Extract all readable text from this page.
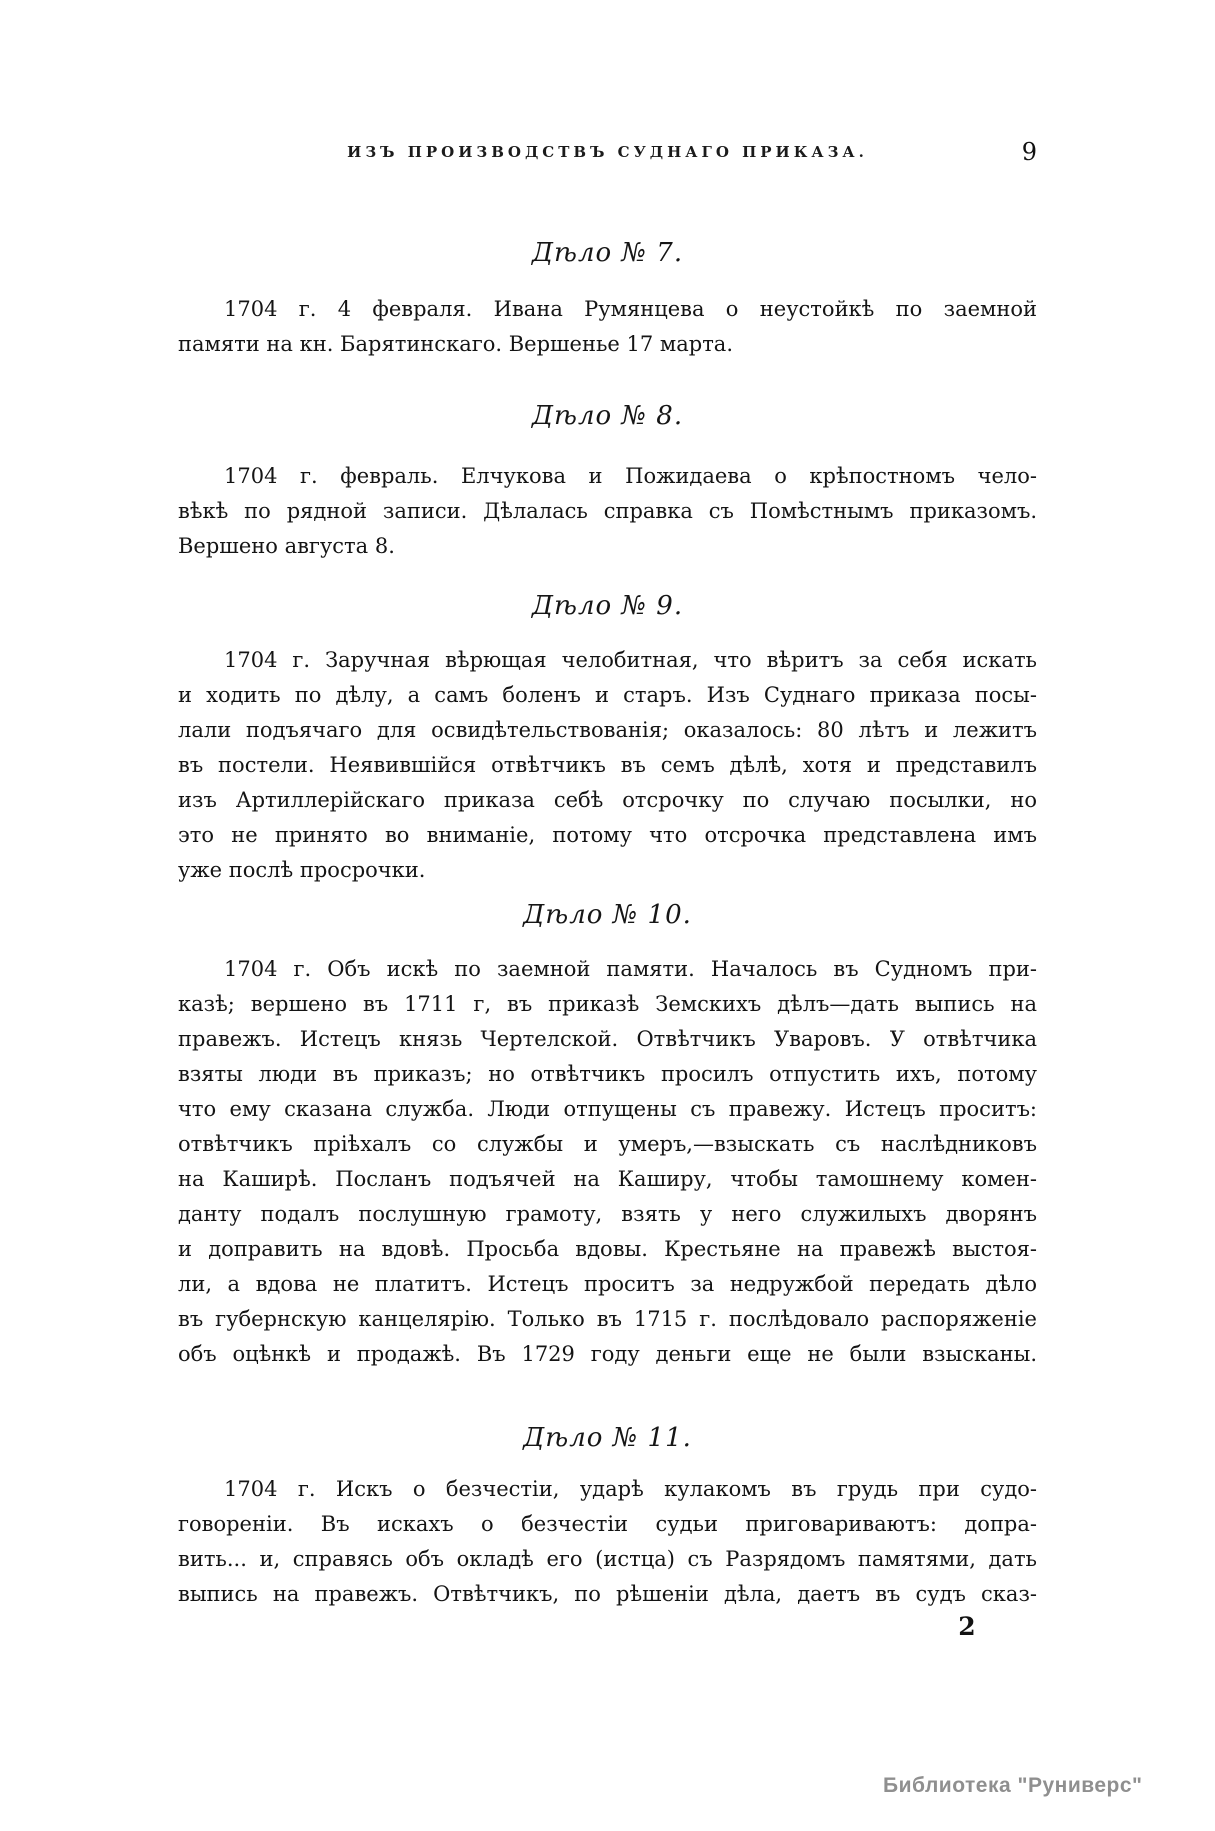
ИЗЪ ПРОИЗВОДСТВЪ СУДНАГО ПРИКАЗА.	9
Дѣло № 7.
1704 г. 4 февраля. Ивана Румянцева о неустойкѣ по заемной
памяти на кн. Барятинскаго. Вершенье 17 марта.
Дѣло № 8.
1704 г. февраль. Елчукова и Пожидаева о крѣпостномъ чело-
вѣкѣ по рядной записи. Дѣлалась справка съ Помѣстнымъ приказомъ.
Вершено августа 8.
Дѣло № 9.
1704 г. Заручная вѣрющая челобитная, что вѣритъ за себя искать
и ходить по дѣлу, а самъ боленъ и старъ. Изъ Суднаго приказа посы-
лали подъячаго для освидѣтельствованія; оказалось: 80 лѣтъ и лежитъ
въ постели. Неявившійся отвѣтчикъ въ семъ дѣлѣ, хотя и представилъ
изъ Артиллерійскаго приказа себѣ отсрочку по случаю посылки, но
это не принято во вниманіе, потому что отсрочка представлена имъ
уже послѣ просрочки.
Дѣло № 10.
1704 г. Объ искѣ по заемной памяти. Началось въ Судномъ при-
казѣ; вершено въ 1711 г, въ приказѣ Земскихъ дѣлъ—дать выпись на
правежъ. Истецъ князь Чертелской. Отвѣтчикъ Уваровъ. У отвѣтчика
взяты люди въ приказъ; но отвѣтчикъ просилъ отпустить ихъ, потому
что ему сказана служба. Люди отпущены съ правежу. Истецъ проситъ:
отвѣтчикъ пріѣхалъ со службы и умеръ,—взыскать съ наслѣдниковъ
на Каширѣ. Посланъ подъячей на Каширу, чтобы тамошнему комен-
данту подалъ послушную грамоту, взять у него служилыхъ дворянъ
и доправить на вдовѣ. Просьба вдовы. Крестьяне на правежѣ выстоя-
ли, а вдова не платитъ. Истецъ проситъ за недружбой передать дѣло
въ губернскую канцелярію. Только въ 1715 г. послѣдовало распоряженіе
объ оцѣнкѣ и продажѣ. Въ 1729 году деньги еще не были взысканы.
Дѣло № 11.
1704 г. Искъ о безчестіи, ударѣ кулакомъ въ грудь при судо-
говореніи. Въ искахъ о безчестіи судьи приговариваютъ: допра-
вить... и, справясь объ окладѣ его (истца) съ Разрядомъ памятями, дать
выпись на правежъ. Отвѣтчикъ, по рѣшеніи дѣла, даетъ въ судъ сказ-
2
Библиотека "Руниверс"
